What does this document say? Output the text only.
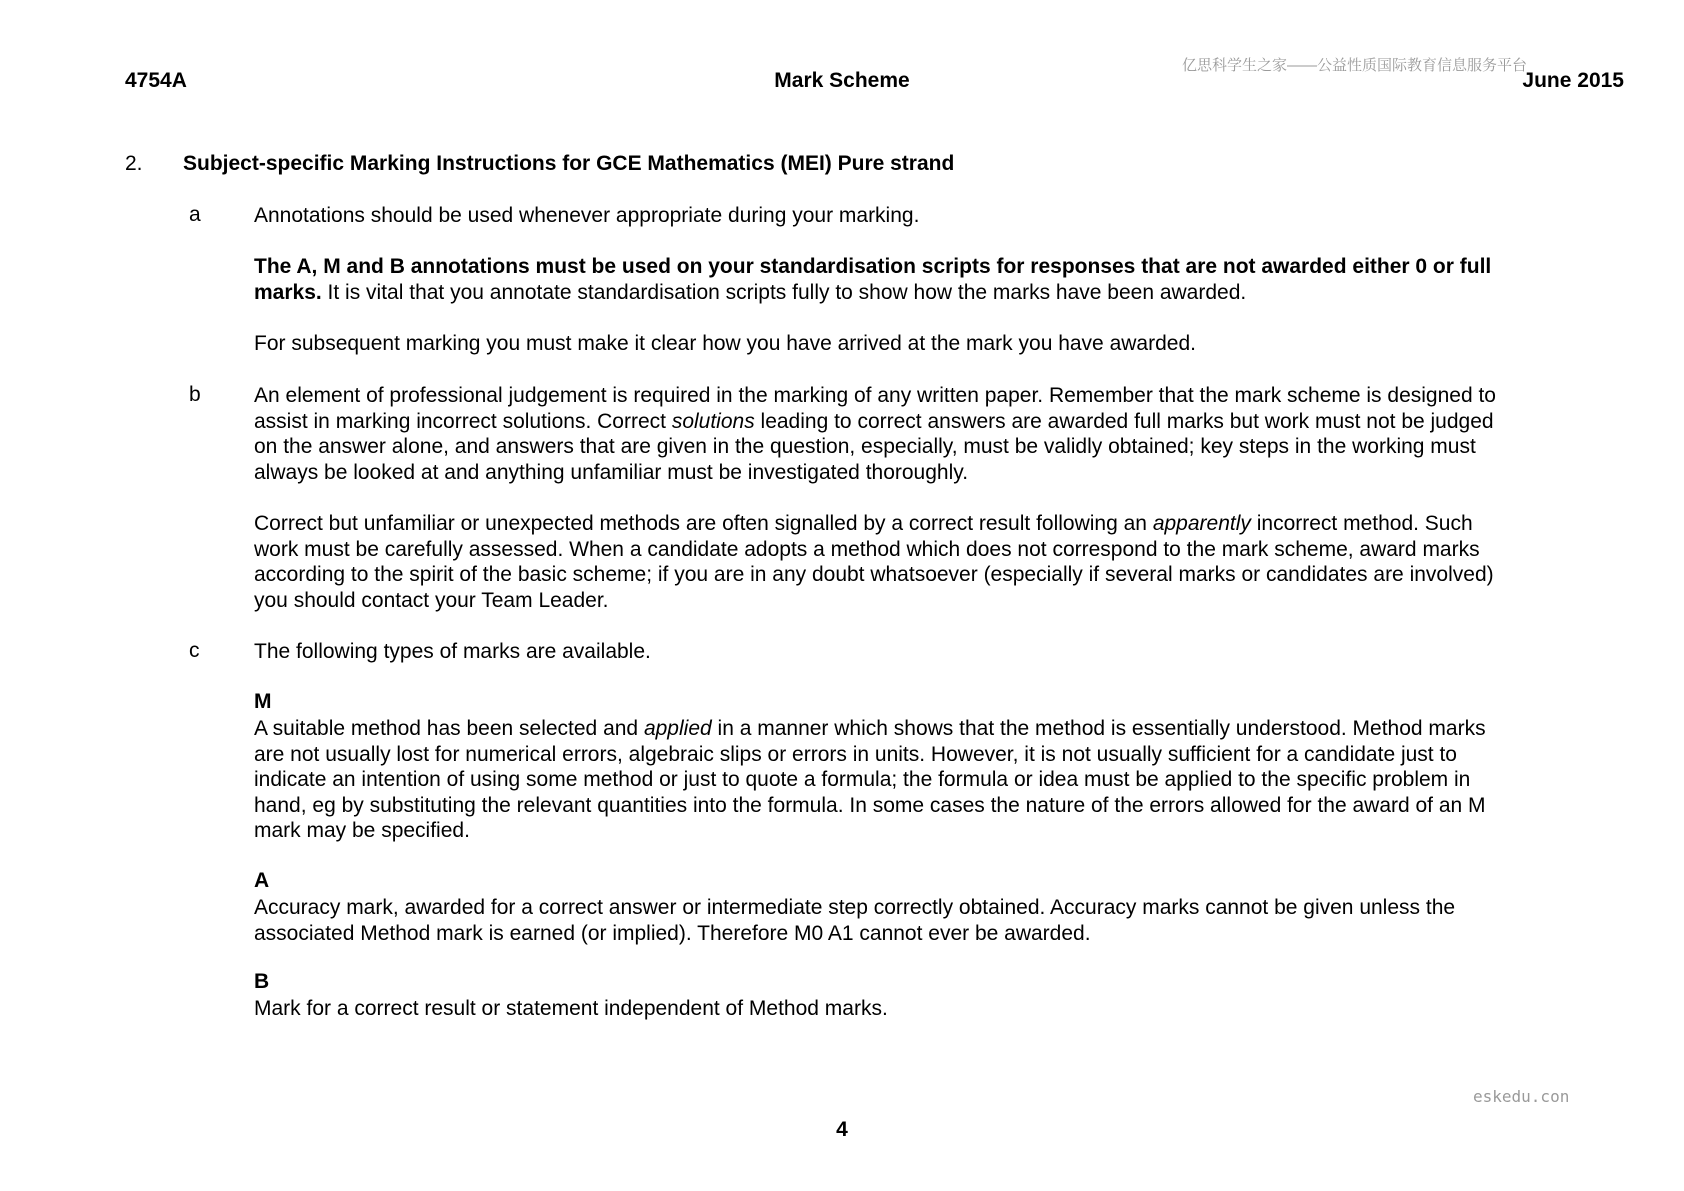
4754A	Mark Scheme	June 2015
亿思科学生之家——公益性质国际教育信息服务平台
2. Subject-specific Marking Instructions for GCE Mathematics (MEI) Pure strand
a	Annotations should be used whenever appropriate during your marking.
The A, M and B annotations must be used on your standardisation scripts for responses that are not awarded either 0 or full marks. It is vital that you annotate standardisation scripts fully to show how the marks have been awarded.
For subsequent marking you must make it clear how you have arrived at the mark you have awarded.
b	An element of professional judgement is required in the marking of any written paper. Remember that the mark scheme is designed to assist in marking incorrect solutions. Correct solutions leading to correct answers are awarded full marks but work must not be judged on the answer alone, and answers that are given in the question, especially, must be validly obtained; key steps in the working must always be looked at and anything unfamiliar must be investigated thoroughly.
Correct but unfamiliar or unexpected methods are often signalled by a correct result following an apparently incorrect method. Such work must be carefully assessed. When a candidate adopts a method which does not correspond to the mark scheme, award marks according to the spirit of the basic scheme; if you are in any doubt whatsoever (especially if several marks or candidates are involved) you should contact your Team Leader.
c	The following types of marks are available.
M
A suitable method has been selected and applied in a manner which shows that the method is essentially understood. Method marks are not usually lost for numerical errors, algebraic slips or errors in units. However, it is not usually sufficient for a candidate just to indicate an intention of using some method or just to quote a formula; the formula or idea must be applied to the specific problem in hand, eg by substituting the relevant quantities into the formula. In some cases the nature of the errors allowed for the award of an M mark may be specified.
A
Accuracy mark, awarded for a correct answer or intermediate step correctly obtained. Accuracy marks cannot be given unless the associated Method mark is earned (or implied). Therefore M0 A1 cannot ever be awarded.
B
Mark for a correct result or statement independent of Method marks.
eskedu.con
4
